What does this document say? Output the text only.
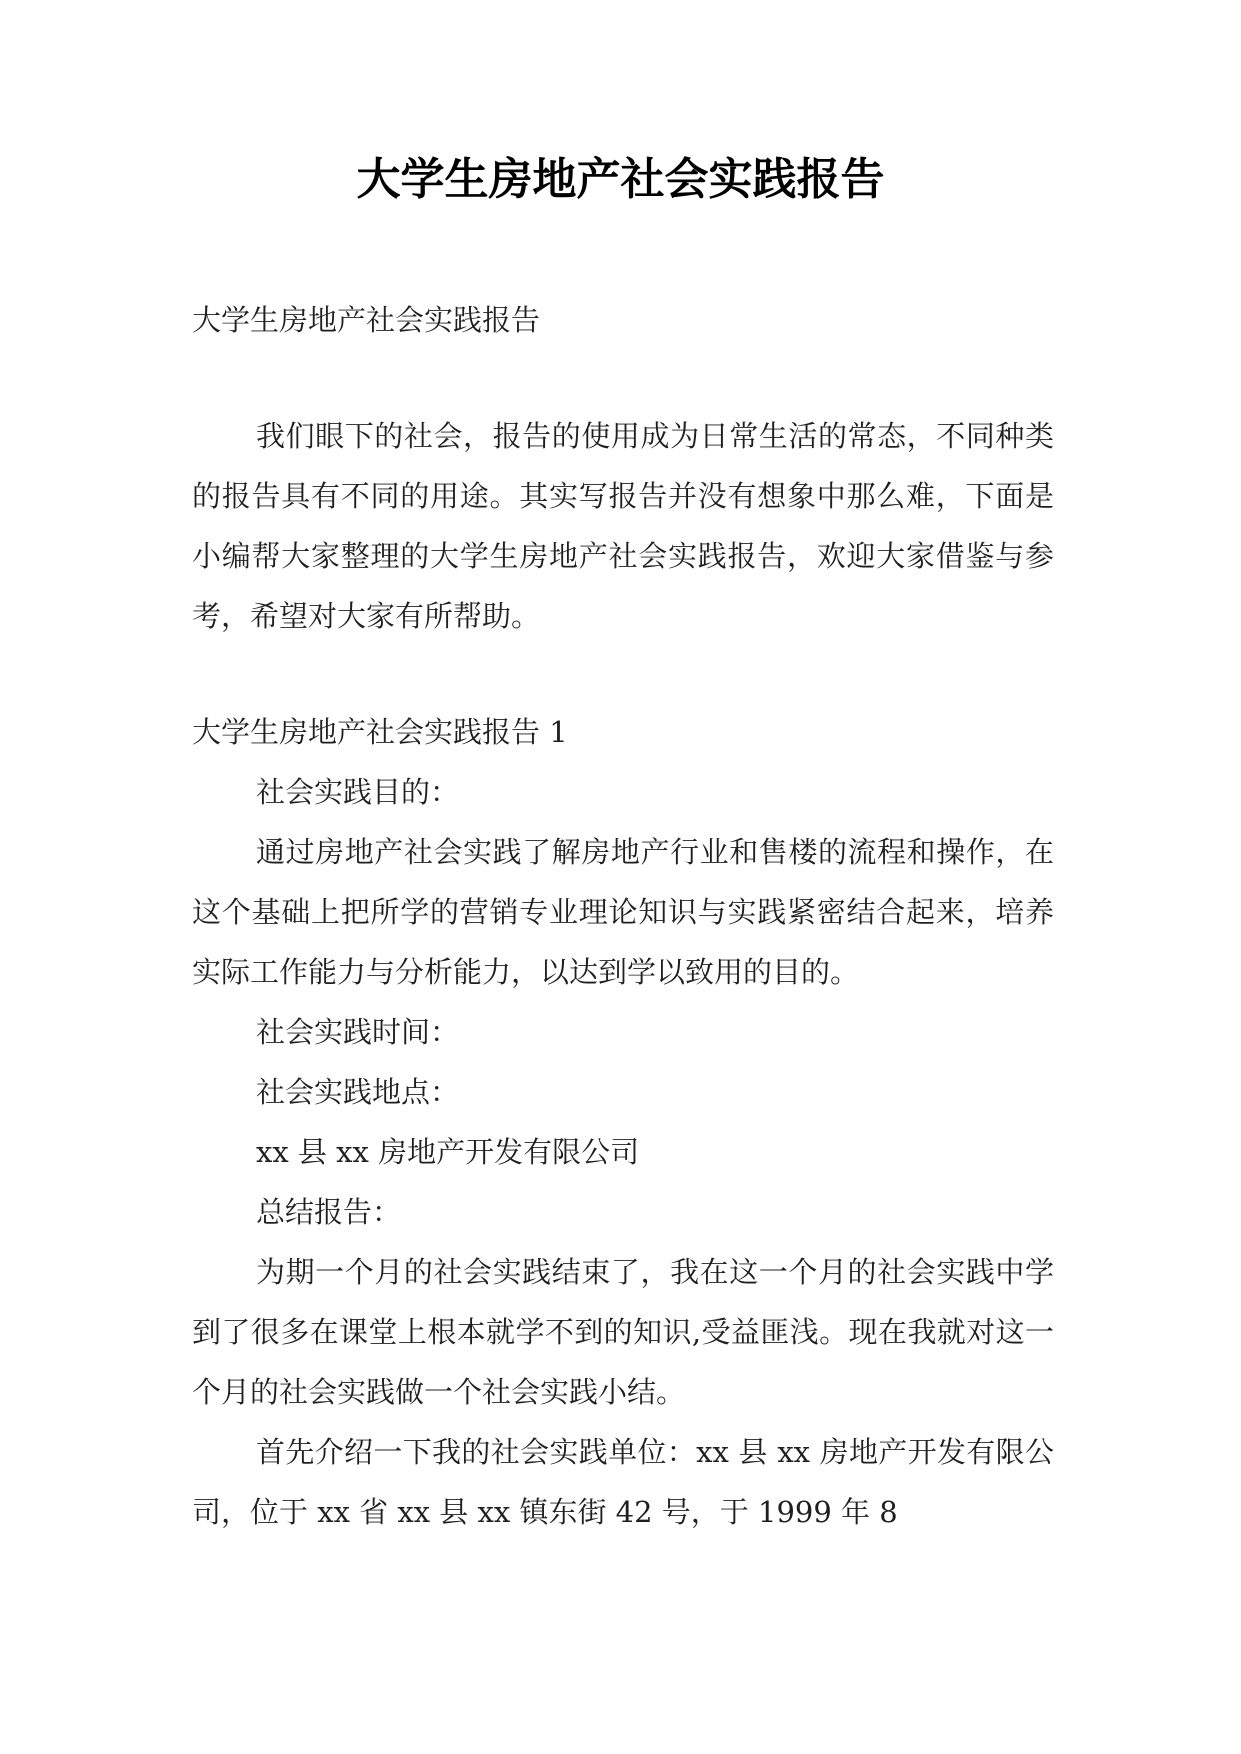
大学生房地产社会实践报告

大学生房地产社会实践报告

我们眼下的社会，报告的使用成为日常生活的常态，不同种类的报告具有不同的用途。其实写报告并没有想象中那么难，下面是小编帮大家整理的大学生房地产社会实践报告，欢迎大家借鉴与参考，希望对大家有所帮助。

大学生房地产社会实践报告 1

社会实践目的：

通过房地产社会实践了解房地产行业和售楼的流程和操作，在这个基础上把所学的营销专业理论知识与实践紧密结合起来，培养实际工作能力与分析能力，以达到学以致用的目的。

社会实践时间：

社会实践地点：

xx 县 xx 房地产开发有限公司

总结报告：

为期一个月的社会实践结束了，我在这一个月的社会实践中学到了很多在课堂上根本就学不到的知识,受益匪浅。现在我就对这一个月的社会实践做一个社会实践小结。

首先介绍一下我的社会实践单位：xx 县 xx 房地产开发有限公司，位于 xx 省 xx 县 xx 镇东街 42 号，于 1999 年 8
